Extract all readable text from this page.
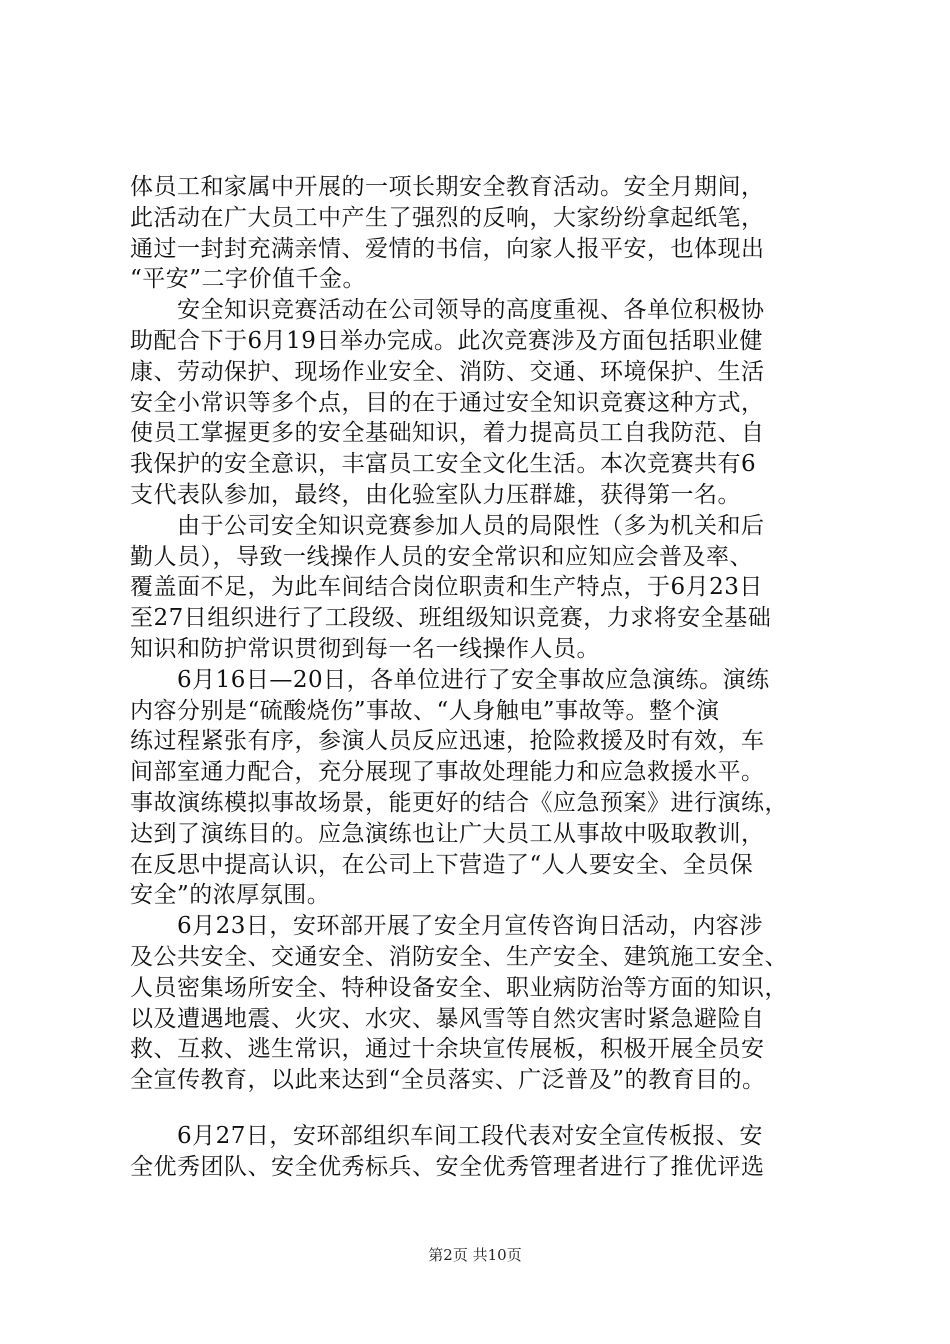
体员工和家属中开展的一项长期安全教育活动。安全月期间，
此活动在广大员工中产生了强烈的反响，大家纷纷拿起纸笔，
通过一封封充满亲情、爱情的书信，向家人报平安，也体现出
“平安”二字价值千金。
　　安全知识竞赛活动在公司领导的高度重视、各单位积极协
助配合下于6月19日举办完成。此次竞赛涉及方面包括职业健
康、劳动保护、现场作业安全、消防、交通、环境保护、生活
安全小常识等多个点，目的在于通过安全知识竞赛这种方式，
使员工掌握更多的安全基础知识，着力提高员工自我防范、自
我保护的安全意识，丰富员工安全文化生活。本次竞赛共有6
支代表队参加，最终，由化验室队力压群雄，获得第一名。
　　由于公司安全知识竞赛参加人员的局限性（多为机关和后
勤人员），导致一线操作人员的安全常识和应知应会普及率、
覆盖面不足，为此车间结合岗位职责和生产特点，于6月23日
至27日组织进行了工段级、班组级知识竞赛，力求将安全基础
知识和防护常识贯彻到每一名一线操作人员。
　　6月16日—20日，各单位进行了安全事故应急演练。演练
内容分别是“硫酸烧伤”事故、“人身触电”事故等。整个演
练过程紧张有序，参演人员反应迅速，抢险救援及时有效，车
间部室通力配合，充分展现了事故处理能力和应急救援水平。
事故演练模拟事故场景，能更好的结合《应急预案》进行演练，
达到了演练目的。应急演练也让广大员工从事故中吸取教训，
在反思中提高认识，在公司上下营造了“人人要安全、全员保
安全”的浓厚氛围。
　　6月23日，安环部开展了安全月宣传咨询日活动，内容涉
及公共安全、交通安全、消防安全、生产安全、建筑施工安全、
人员密集场所安全、特种设备安全、职业病防治等方面的知识，
以及遭遇地震、火灾、水灾、暴风雪等自然灾害时紧急避险自
救、互救、逃生常识，通过十余块宣传展板，积极开展全员安
全宣传教育，以此来达到“全员落实、广泛普及”的教育目的。
　　6月27日，安环部组织车间工段代表对安全宣传板报、安
全优秀团队、安全优秀标兵、安全优秀管理者进行了推优评选
第2页 共10页
